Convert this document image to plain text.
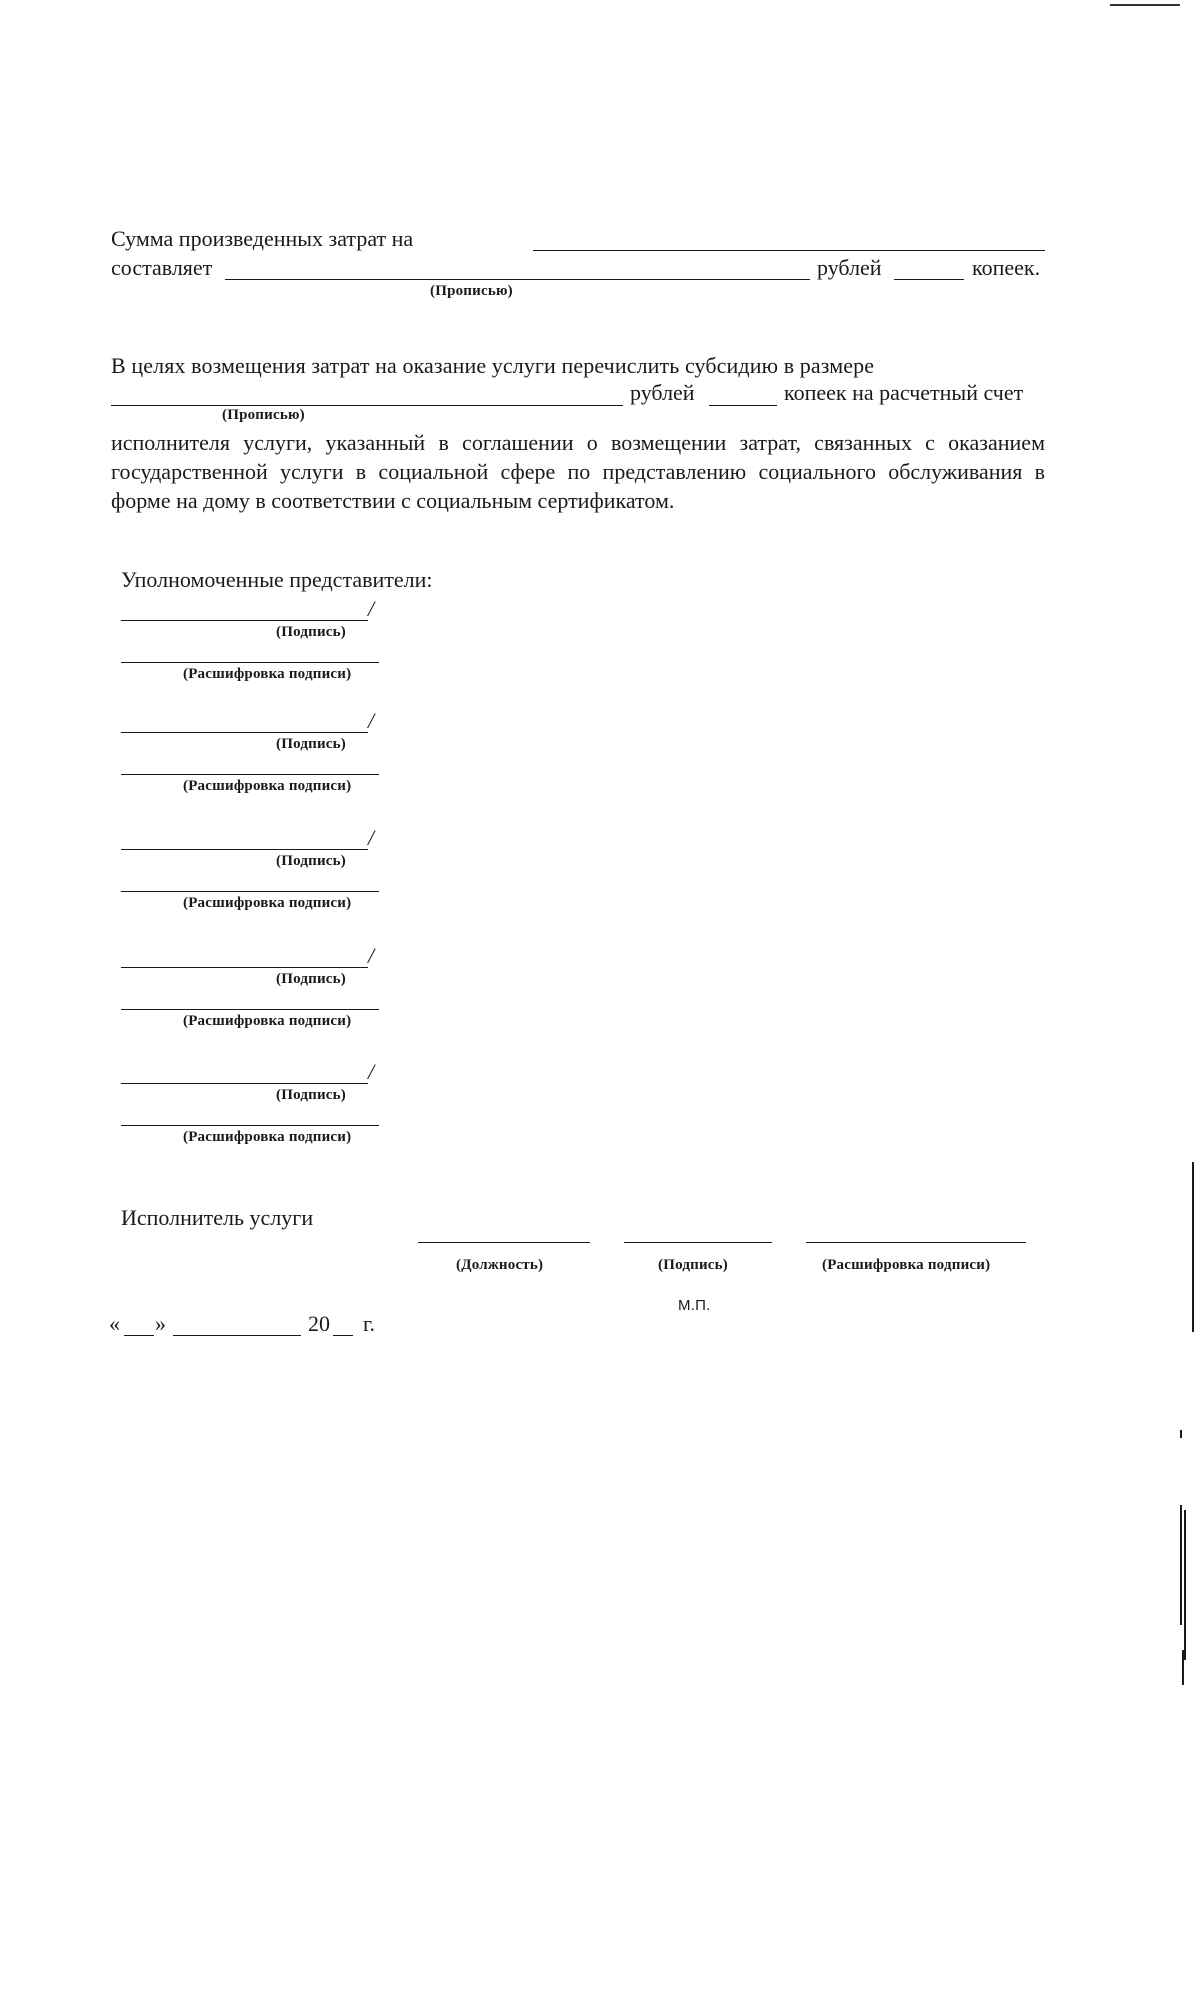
Сумма произведенных затрат на
составляет	рублей	копеек.
(Прописью)
В целях возмещения затрат на оказание услуги перечислить субсидию в размере
рублей	копеек на расчетный счет
(Прописью)
исполнителя услуги, указанный в соглашении о возмещении затрат, связанных с оказанием государственной услуги в социальной сфере по представлению социального обслуживания в форме на дому в соответствии с социальным сертификатом.
Уполномоченные представители:
/
(Подпись)
(Расшифровка подписи)
/
(Подпись)
(Расшифровка подписи)
/
(Подпись)
(Расшифровка подписи)
/
(Подпись)
(Расшифровка подписи)
/
(Подпись)
(Расшифровка подписи)
Исполнитель услуги
(Должность)	(Подпись)	(Расшифровка подписи)
М.П.
« »	20 г.
